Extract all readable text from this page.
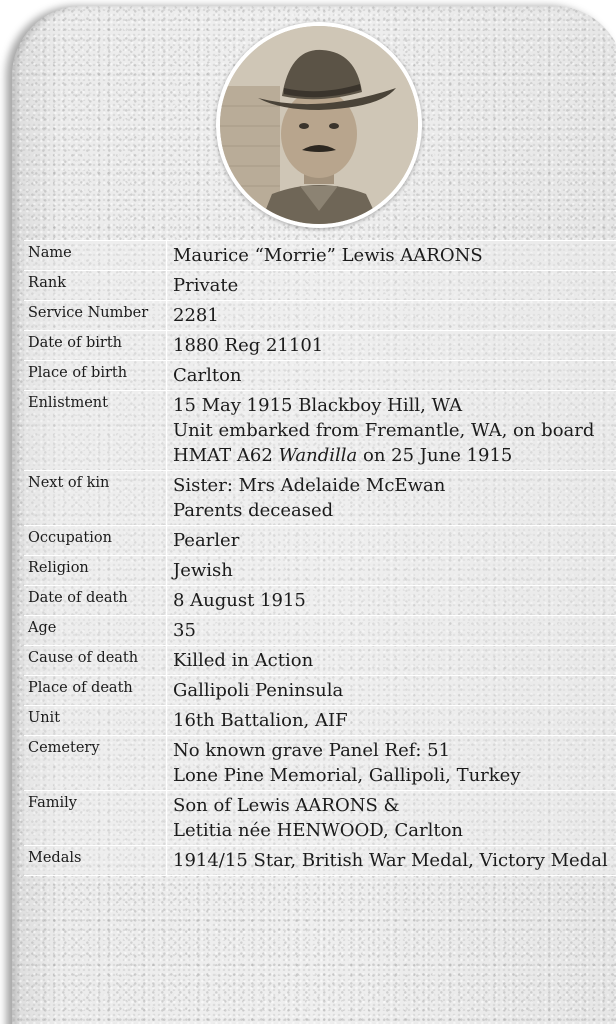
Name	Maurice “Morrie” Lewis AARONS

Rank	Private

Service Number	2281

Date of birth	1880 Reg 21101

Place of birth	Carlton

Enlistment	15 May 1915 Blackboy Hill, WA
Unit embarked from Fremantle, WA, on board
HMAT A62 Wandilla on 25 June 1915

Next of kin	Sister: Mrs Adelaide McEwan
Parents deceased

Occupation	Pearler

Religion	Jewish

Date of death	8 August 1915

Age	35

Cause of death	Killed in Action

Place of death	Gallipoli Peninsula

Unit	16th Battalion, AIF

Cemetery	No known grave Panel Ref: 51
Lone Pine Memorial, Gallipoli, Turkey

Family	Son of Lewis AARONS &
Letitia née HENWOOD, Carlton

Medals	1914/15 Star, British War Medal, Victory Medal
